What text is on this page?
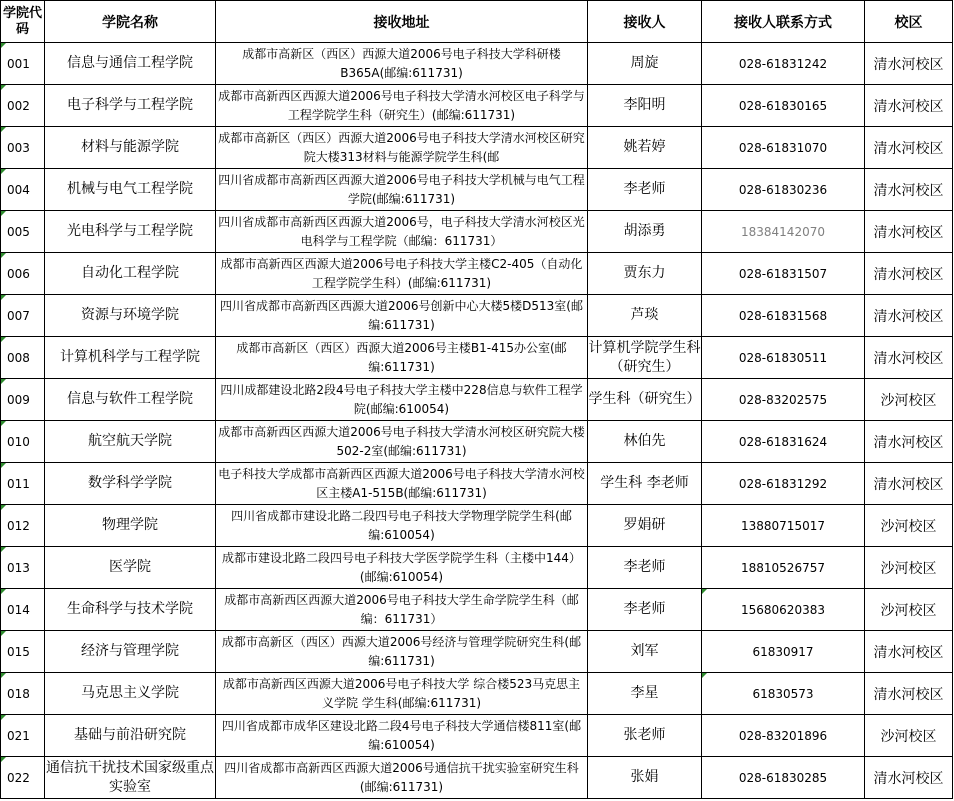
学院代码	学院名称	接收地址	接收人	接收人联系方式	校区
001	信息与通信工程学院	成都市高新区（西区）西源大道2006号电子科技大学科研楼B365A(邮编:611731)	周旋	028-61831242	清水河校区
002	电子科学与工程学院	成都市高新西区西源大道2006号电子科技大学清水河校区电子科学与工程学院学生科（研究生）(邮编:611731)	李阳明	028-61830165	清水河校区
003	材料与能源学院	成都市高新区（西区）西源大道2006号电子科技大学清水河校区研究院大楼313材料与能源学院学生科(邮	姚若婷	028-61831070	清水河校区
004	机械与电气工程学院	四川省成都市高新西区西源大道2006号电子科技大学机械与电气工程学院(邮编:611731)	李老师	028-61830236	清水河校区
005	光电科学与工程学院	四川省成都市高新西区西源大道2006号，电子科技大学清水河校区光电科学与工程学院（邮编：611731）	胡添勇	18384142070	清水河校区
006	自动化工程学院	成都市高新西区西源大道2006号电子科技大学主楼C2-405（自动化工程学院学生科）(邮编:611731)	贾东力	028-61831507	清水河校区
007	资源与环境学院	四川省成都市高新西区西源大道2006号创新中心大楼5楼D513室(邮编:611731)	芦琰	028-61831568	清水河校区
008	计算机科学与工程学院	成都市高新区（西区）西源大道2006号主楼B1-415办公室(邮编:611731)	计算机学院学生科（研究生）	028-61830511	清水河校区
009	信息与软件工程学院	四川成都建设北路2段4号电子科技大学主楼中228信息与软件工程学院(邮编:610054)	学生科（研究生）	028-83202575	沙河校区
010	航空航天学院	成都市高新西区西源大道2006号电子科技大学清水河校区研究院大楼502-2室(邮编:611731)	林伯先	028-61831624	清水河校区
011	数学科学学院	电子科技大学成都市高新西区西源大道2006号电子科技大学清水河校区主楼A1-515B(邮编:611731)	学生科 李老师	028-61831292	清水河校区
012	物理学院	四川省成都市建设北路二段四号电子科技大学物理学院学生科(邮编:610054)	罗娟研	13880715017	沙河校区
013	医学院	成都市建设北路二段四号电子科技大学医学院学生科（主楼中144）(邮编:610054)	李老师	18810526757	沙河校区
014	生命科学与技术学院	成都市高新西区西源大道2006号电子科技大学生命学院学生科（邮编：611731）	李老师	15680620383	沙河校区
015	经济与管理学院	成都市高新区（西区）西源大道2006号经济与管理学院研究生科(邮编:611731)	刘军	61830917	清水河校区
018	马克思主义学院	成都市高新西区西源大道2006号电子科技大学 综合楼523马克思主义学院 学生科(邮编:611731)	李星	61830573	清水河校区
021	基础与前沿研究院	四川省成都市成华区建设北路二段4号电子科技大学通信楼811室(邮编:610054)	张老师	028-83201896	沙河校区
022	通信抗干扰技术国家级重点实验室	四川省成都市高新西区西源大道2006号通信抗干扰实验室研究生科(邮编:611731)	张娟	028-61830285	清水河校区
